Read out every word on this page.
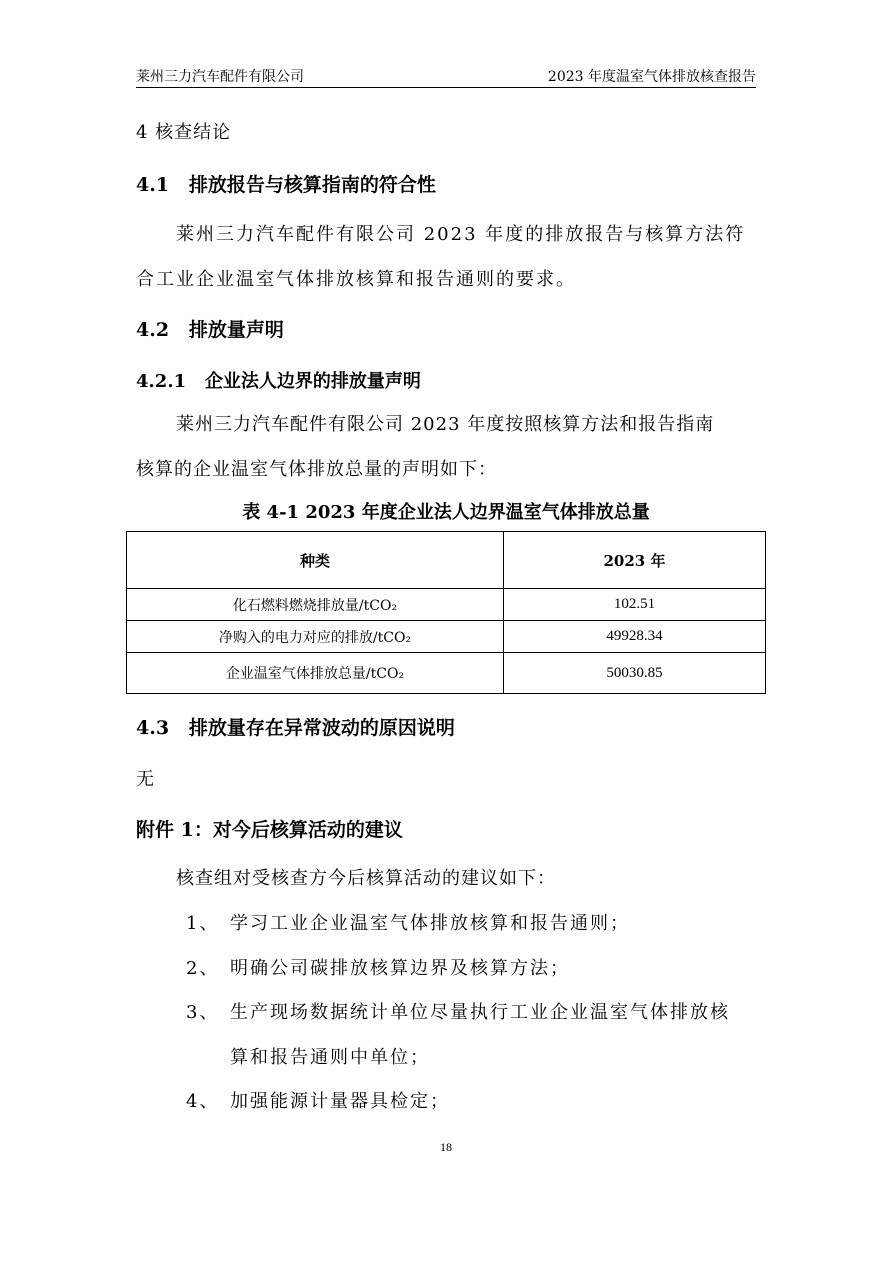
莱州三力汽车配件有限公司	2023 年度温室气体排放核查报告
4 核查结论
4.1   排放报告与核算指南的符合性
莱州三力汽车配件有限公司 2023 年度的排放报告与核算方法符
合工业企业温室气体排放核算和报告通则的要求。
4.2   排放量声明
4.2.1   企业法人边界的排放量声明
莱州三力汽车配件有限公司 2023 年度按照核算方法和报告指南
核算的企业温室气体排放总量的声明如下：
表 4-1 2023 年度企业法人边界温室气体排放总量
种类	2023 年
化石燃料燃烧排放量/tCO₂	102.51
净购入的电力对应的排放/tCO₂	49928.34
企业温室气体排放总量/tCO₂	50030.85
4.3   排放量存在异常波动的原因说明
无
附件 1：对今后核算活动的建议
核查组对受核查方今后核算活动的建议如下：
1、 学习工业企业温室气体排放核算和报告通则；
2、 明确公司碳排放核算边界及核算方法；
3、 生产现场数据统计单位尽量执行工业企业温室气体排放核
算和报告通则中单位；
4、 加强能源计量器具检定；
18
